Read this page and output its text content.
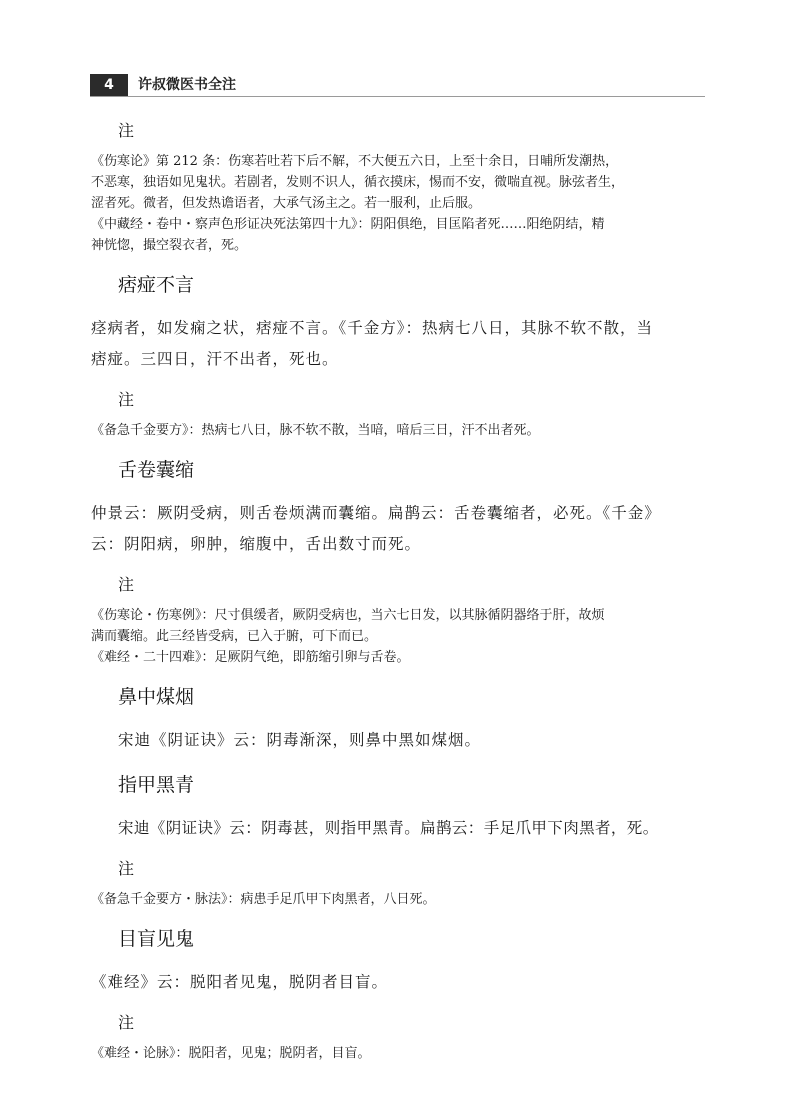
4	许叔微医书全注
注

《伤寒论》第 212 条：伤寒若吐若下后不解，不大便五六日，上至十余日，日晡所发潮热，

不恶寒，独语如见鬼状。若剧者，发则不识人，循衣摸床，惕而不安，微喘直视。脉弦者生，

涩者死。微者，但发热谵语者，大承气汤主之。若一服利，止后服。

《中藏经・卷中・察声色形证决死法第四十九》：阴阳俱绝，目匡陷者死……阳绝阴结，精

神恍惚，撮空裂衣者，死。

痞痖不言

痉病者，如发痫之状，痞痖不言。《千金方》：热病七八日，其脉不软不散，当

痞痖。三四日，汗不出者，死也。

注

《备急千金要方》：热病七八日，脉不软不散，当喑，喑后三日，汗不出者死。

舌卷囊缩

仲景云：厥阴受病，则舌卷烦满而囊缩。扁鹊云：舌卷囊缩者，必死。《千金》

云：阴阳病，卵肿，缩腹中，舌出数寸而死。

注

《伤寒论・伤寒例》：尺寸俱缓者，厥阴受病也，当六七日发，以其脉循阴器络于肝，故烦

满而囊缩。此三经皆受病，已入于腑，可下而已。

《难经・二十四难》：足厥阴气绝，即筋缩引卵与舌卷。

鼻中煤烟

宋迪《阴证诀》云：阴毒渐深，则鼻中黑如煤烟。

指甲黑青

宋迪《阴证诀》云：阴毒甚，则指甲黑青。扁鹊云：手足爪甲下肉黑者，死。

注

《备急千金要方・脉法》：病患手足爪甲下肉黑者，八日死。

目盲见鬼

《难经》云：脱阳者见鬼，脱阴者目盲。

注

《难经・论脉》：脱阳者，见鬼；脱阴者，目盲。
